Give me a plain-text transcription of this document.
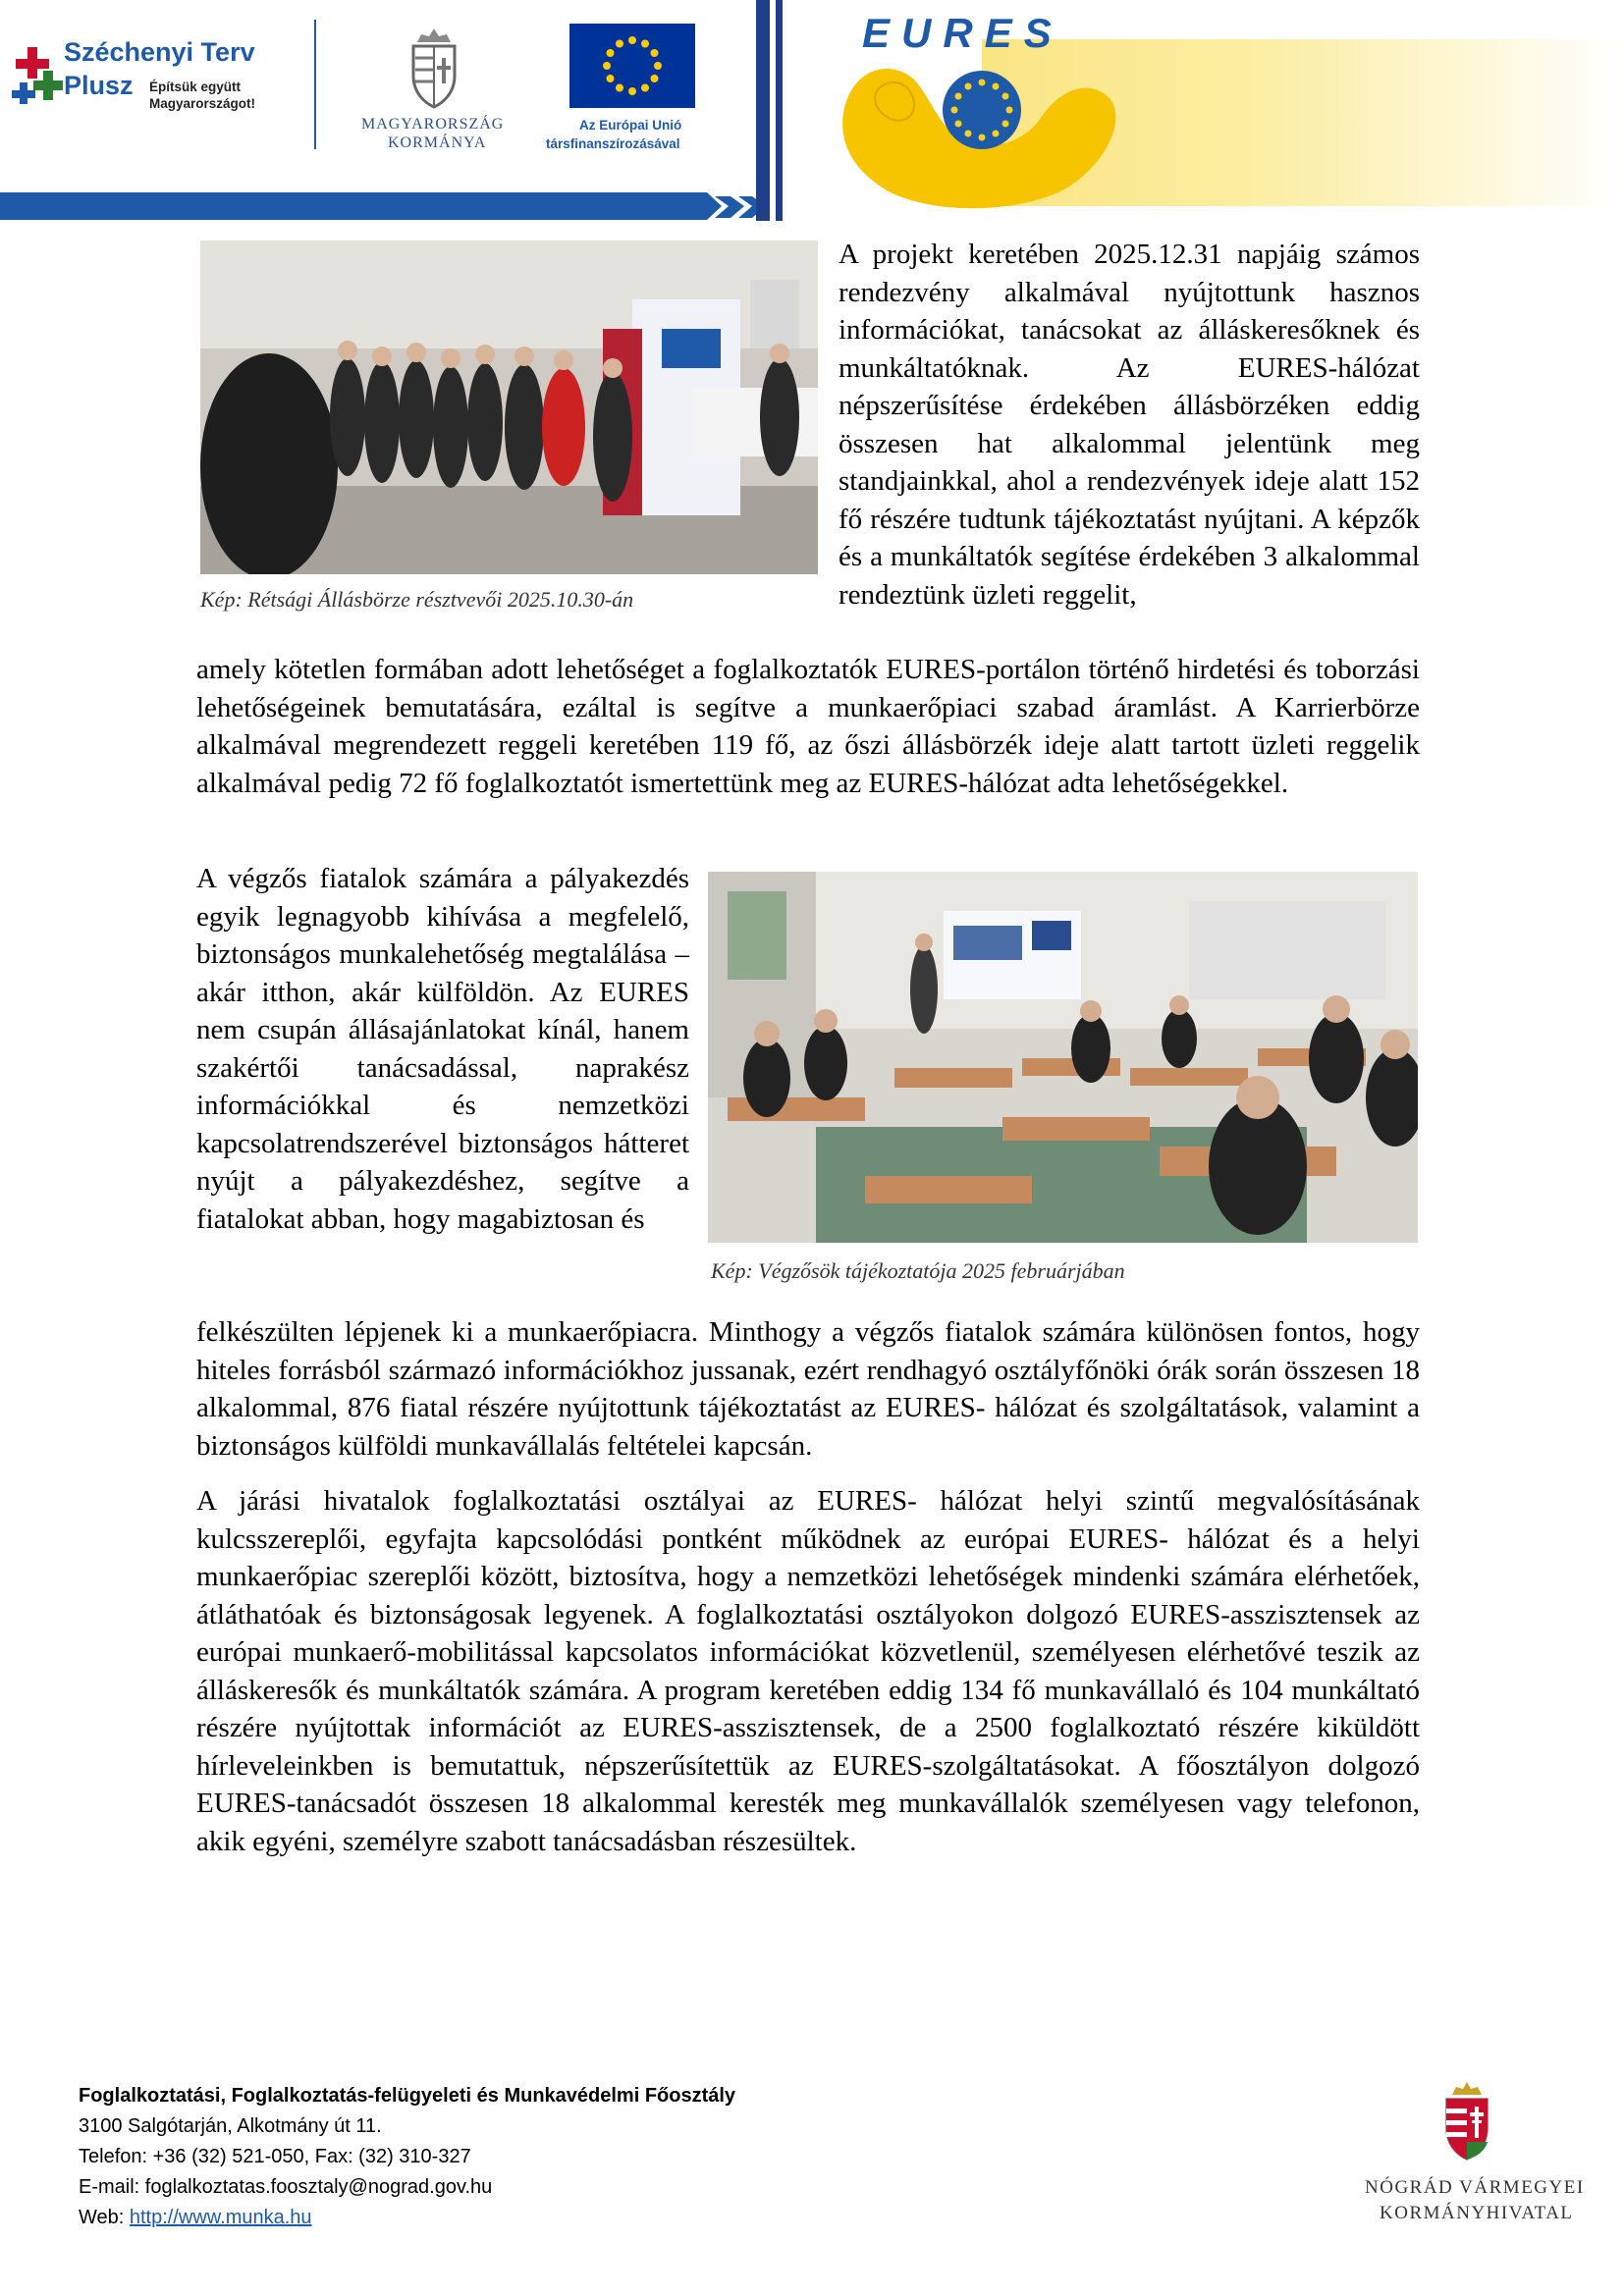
Széchenyi Terv
Plusz Építsük együtt
Magyarországot!
MAGYARORSZÁG
KORMÁNYA
Az Európai Unió
társfinanszírozásával
EURES
Kép: Rétsági Állásbörze résztvevői 2025.10.30-án

A projekt keretében 2025.12.31 napjáig számos rendezvény alkalmával nyújtottunk hasznos információkat, tanácsokat az álláskeresőknek és munkáltatóknak. Az EURES-hálózat népszerűsítése érdekében állásbörzéken eddig összesen hat alkalommal jelentünk meg standjainkkal, ahol a rendezvények ideje alatt 152 fő részére tudtunk tájékoztatást nyújtani. A képzők és a munkáltatók segítése érdekében 3 alkalommal rendeztünk üzleti reggelit,

amely kötetlen formában adott lehetőséget a foglalkoztatók EURES-portálon történő hirdetési és toborzási lehetőségeinek bemutatására, ezáltal is segítve a munkaerőpiaci szabad áramlást. A Karrierbörze alkalmával megrendezett reggeli keretében 119 fő, az őszi állásbörzék ideje alatt tartott üzleti reggelik alkalmával pedig 72 fő foglalkoztatót ismertettünk meg az EURES-hálózat adta lehetőségekkel.

A végzős fiatalok számára a pályakezdés egyik legnagyobb kihívása a megfelelő, biztonságos munkalehetőség megtalálása – akár itthon, akár külföldön. Az EURES nem csupán állásajánlatokat kínál, hanem szakértői tanácsadással, naprakész információkkal és nemzetközi kapcsolatrendszerével biztonságos hátteret nyújt a pályakezdéshez, segítve a fiatalokat abban, hogy magabiztosan és

Kép: Végzősök tájékoztatója 2025 februárjában

felkészülten lépjenek ki a munkaerőpiacra. Minthogy a végzős fiatalok számára különösen fontos, hogy hiteles forrásból származó információkhoz jussanak, ezért rendhagyó osztályfőnöki órák során összesen 18 alkalommal, 876 fiatal részére nyújtottunk tájékoztatást az EURES- hálózat és szolgáltatások, valamint a biztonságos külföldi munkavállalás feltételei kapcsán.

A járási hivatalok foglalkoztatási osztályai az EURES- hálózat helyi szintű megvalósításának kulcsszereplői, egyfajta kapcsolódási pontként működnek az európai EURES- hálózat és a helyi munkaerőpiac szereplői között, biztosítva, hogy a nemzetközi lehetőségek mindenki számára elérhetőek, átláthatóak és biztonságosak legyenek. A foglalkoztatási osztályokon dolgozó EURES-asszisztensek az európai munkaerő-mobilitással kapcsolatos információkat közvetlenül, személyesen elérhetővé teszik az álláskeresők és munkáltatók számára. A program keretében eddig 134 fő munkavállaló és 104 munkáltató részére nyújtottak információt az EURES-asszisztensek, de a 2500 foglalkoztató részére kiküldött hírleveleinkben is bemutattuk, népszerűsítettük az EURES-szolgáltatásokat. A főosztályon dolgozó EURES-tanácsadót összesen 18 alkalommal keresték meg munkavállalók személyesen vagy telefonon, akik egyéni, személyre szabott tanácsadásban részesültek.
Foglalkoztatási, Foglalkoztatás-felügyeleti és Munkavédelmi Főosztály
3100 Salgótarján, Alkotmány út 11.
Telefon: +36 (32) 521-050, Fax: (32) 310-327
E-mail: foglalkoztatas.foosztaly@nograd.gov.hu
Web: http://www.munka.hu
NÓGRÁD VÁRMEGYEI
KORMÁNYHIVATAL
